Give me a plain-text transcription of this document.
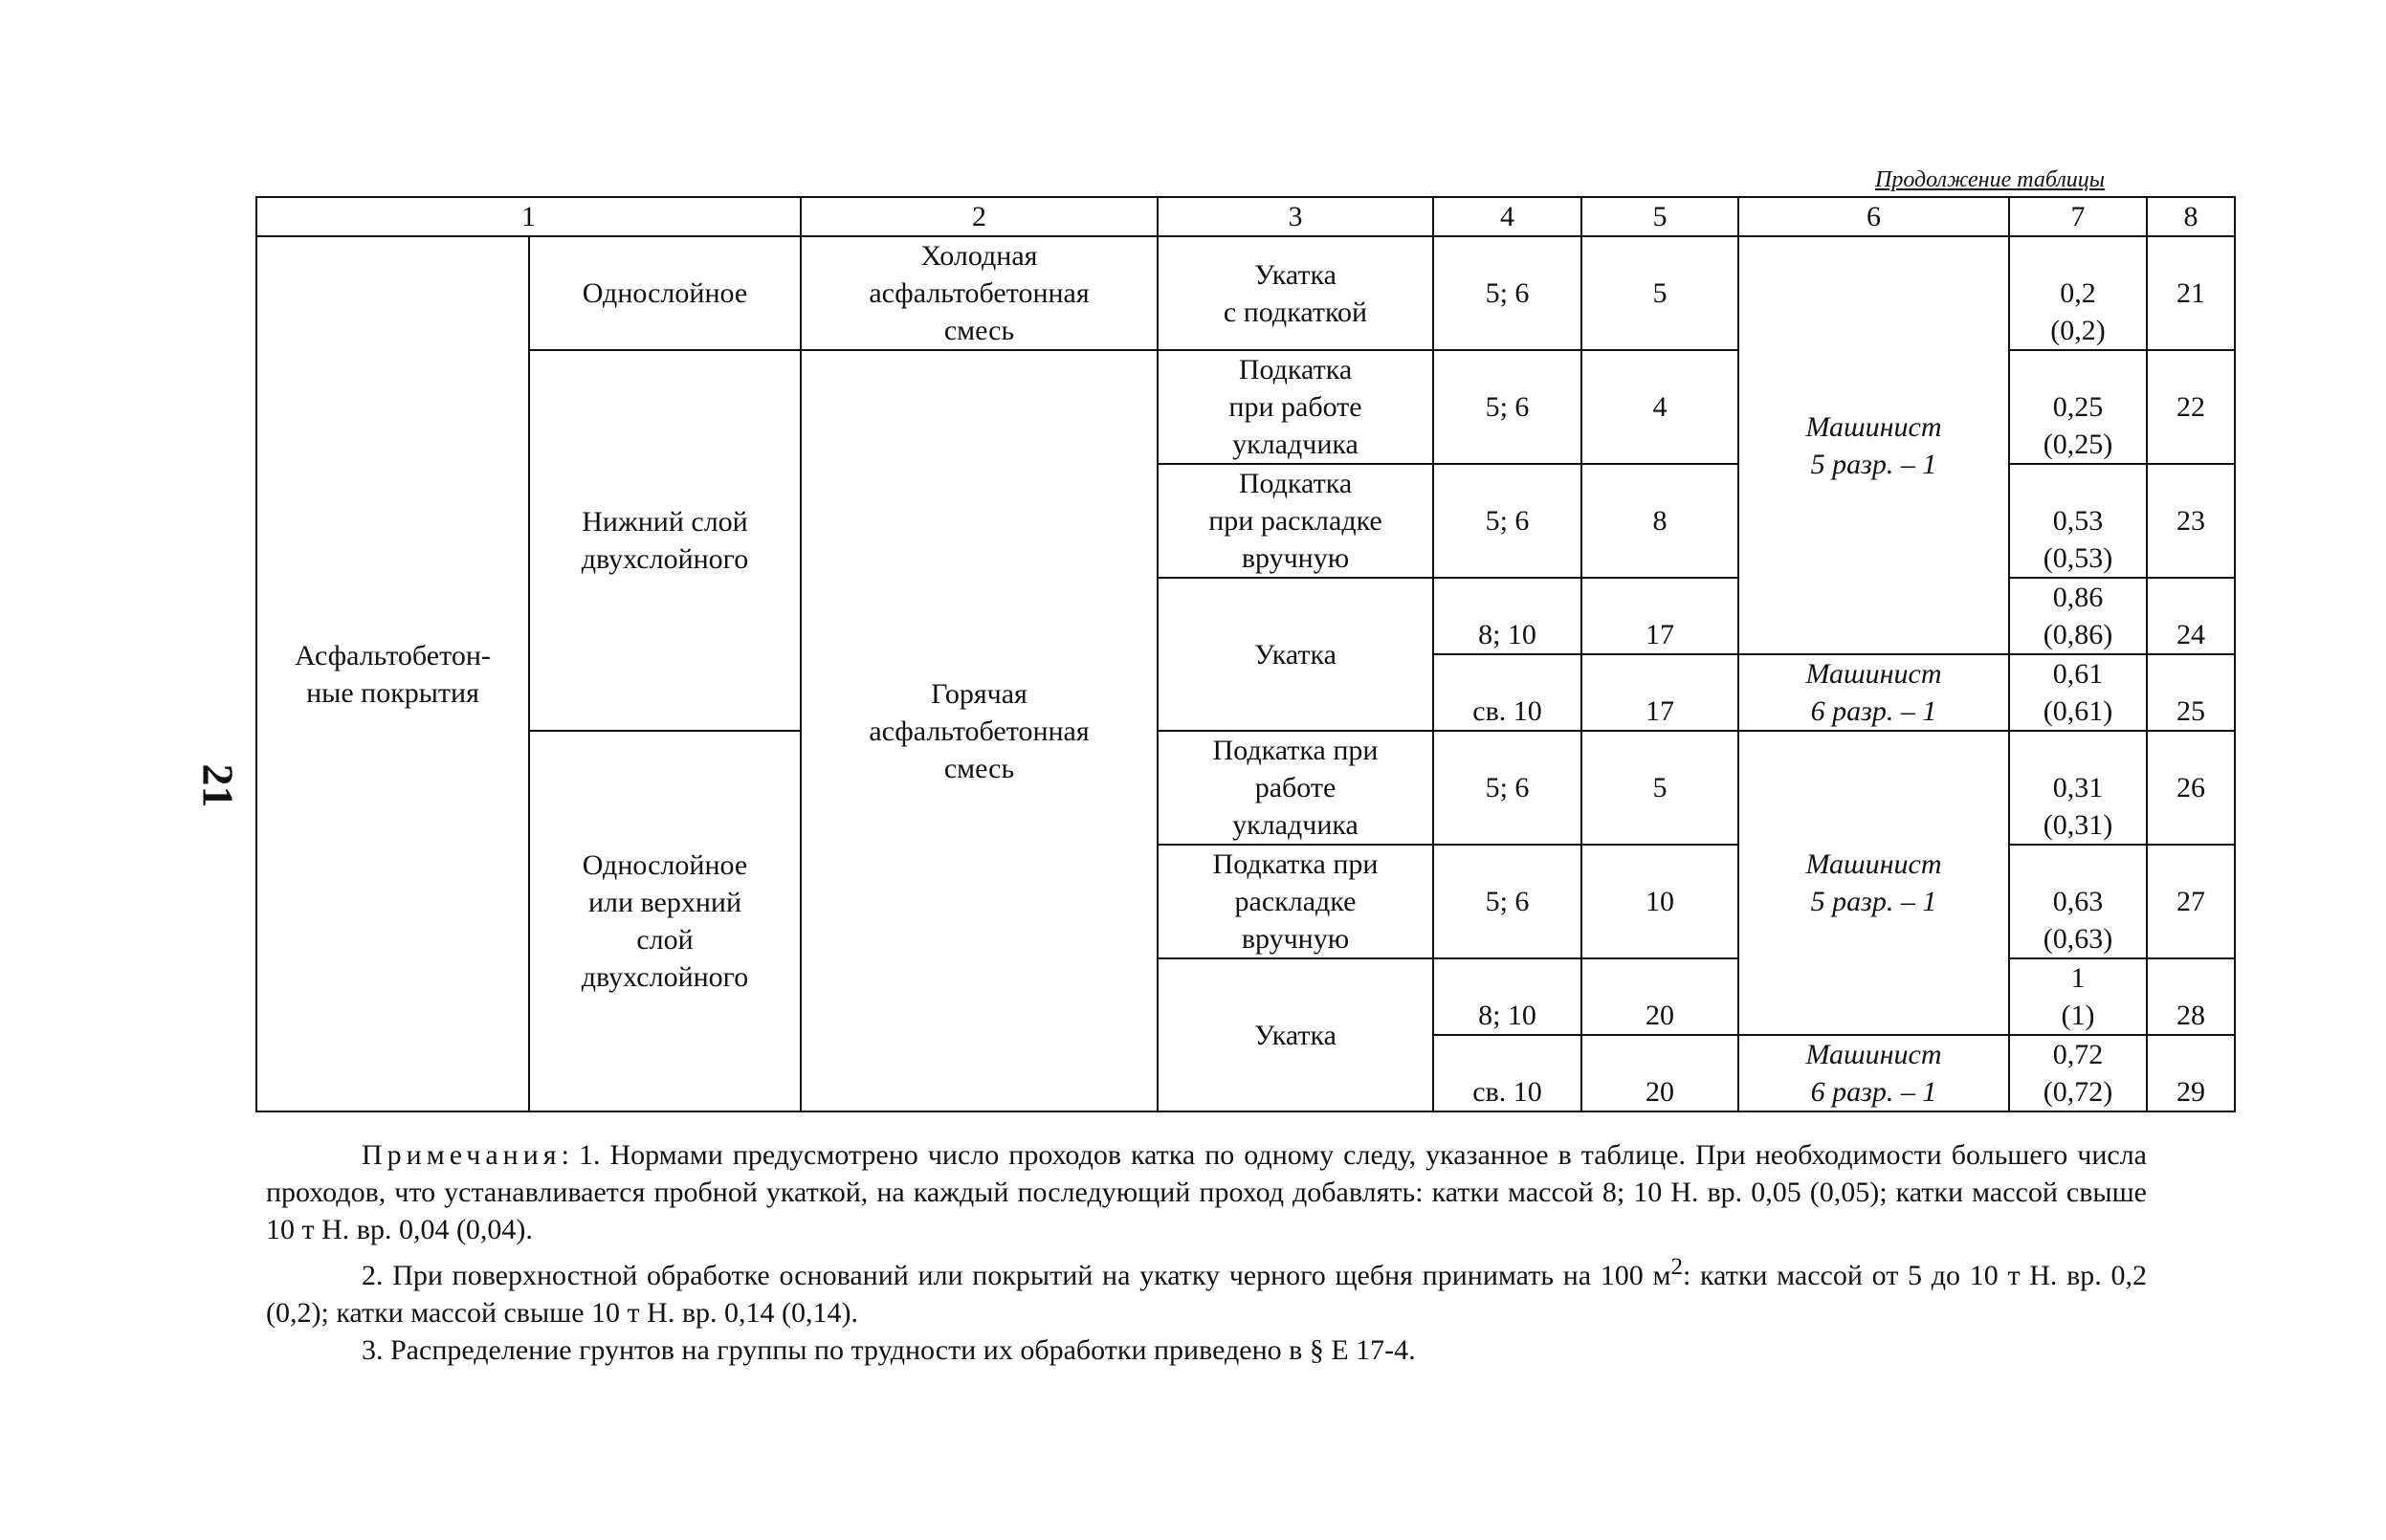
Продолжение таблицы
21
1		2	3	4	5	6	7	8
Асфальтобетон-
ные покрытия	Однослойное	Холодная
асфальтобетонная
смесь	Укатка
с подкаткой	5; 6	5	Машинист
5 разр. – 1	0,2
(0,2)	21
	Нижний слой
двухслойного	Горячая
асфальтобетонная
смесь	Подкатка
при работе
укладчика	5; 6	4		0,25
(0,25)	22
			Подкатка
при раскладке
вручную	5; 6	8		0,53
(0,53)	23
			Укатка	8; 10	17		0,86
(0,86)	24
				св. 10	17	Машинист
6 разр. – 1	0,61
(0,61)	25
	Однослойное
или верхний
слой
двухслойного		Подкатка при
работе
укладчика	5; 6	5	Машинист
5 разр. – 1	0,31
(0,31)	26
			Подкатка при
раскладке
вручную	5; 6	10		0,63
(0,63)	27
			Укатка	8; 10	20		1
(1)	28
				св. 10	20	Машинист
6 разр. – 1	0,72
(0,72)	29

Примечания: 1. Нормами предусмотрено число проходов катка по одному следу, указанное в таблице. При необходимости большего числа проходов, что устанавливается пробной укаткой, на каждый последующий проход добавлять: катки массой 8; 10 Н. вр. 0,05 (0,05); катки массой свыше 10 т Н. вр. 0,04 (0,04).

2. При поверхностной обработке оснований или покрытий на укатку черного щебня принимать на 100 $м^2$: катки массой от 5 до 10 т Н. вр. 0,2 (0,2); катки массой свыше 10 т Н. вр. 0,14 (0,14).

3. Распределение грунтов на группы по трудности их обработки приведено в § Е 17-4.
